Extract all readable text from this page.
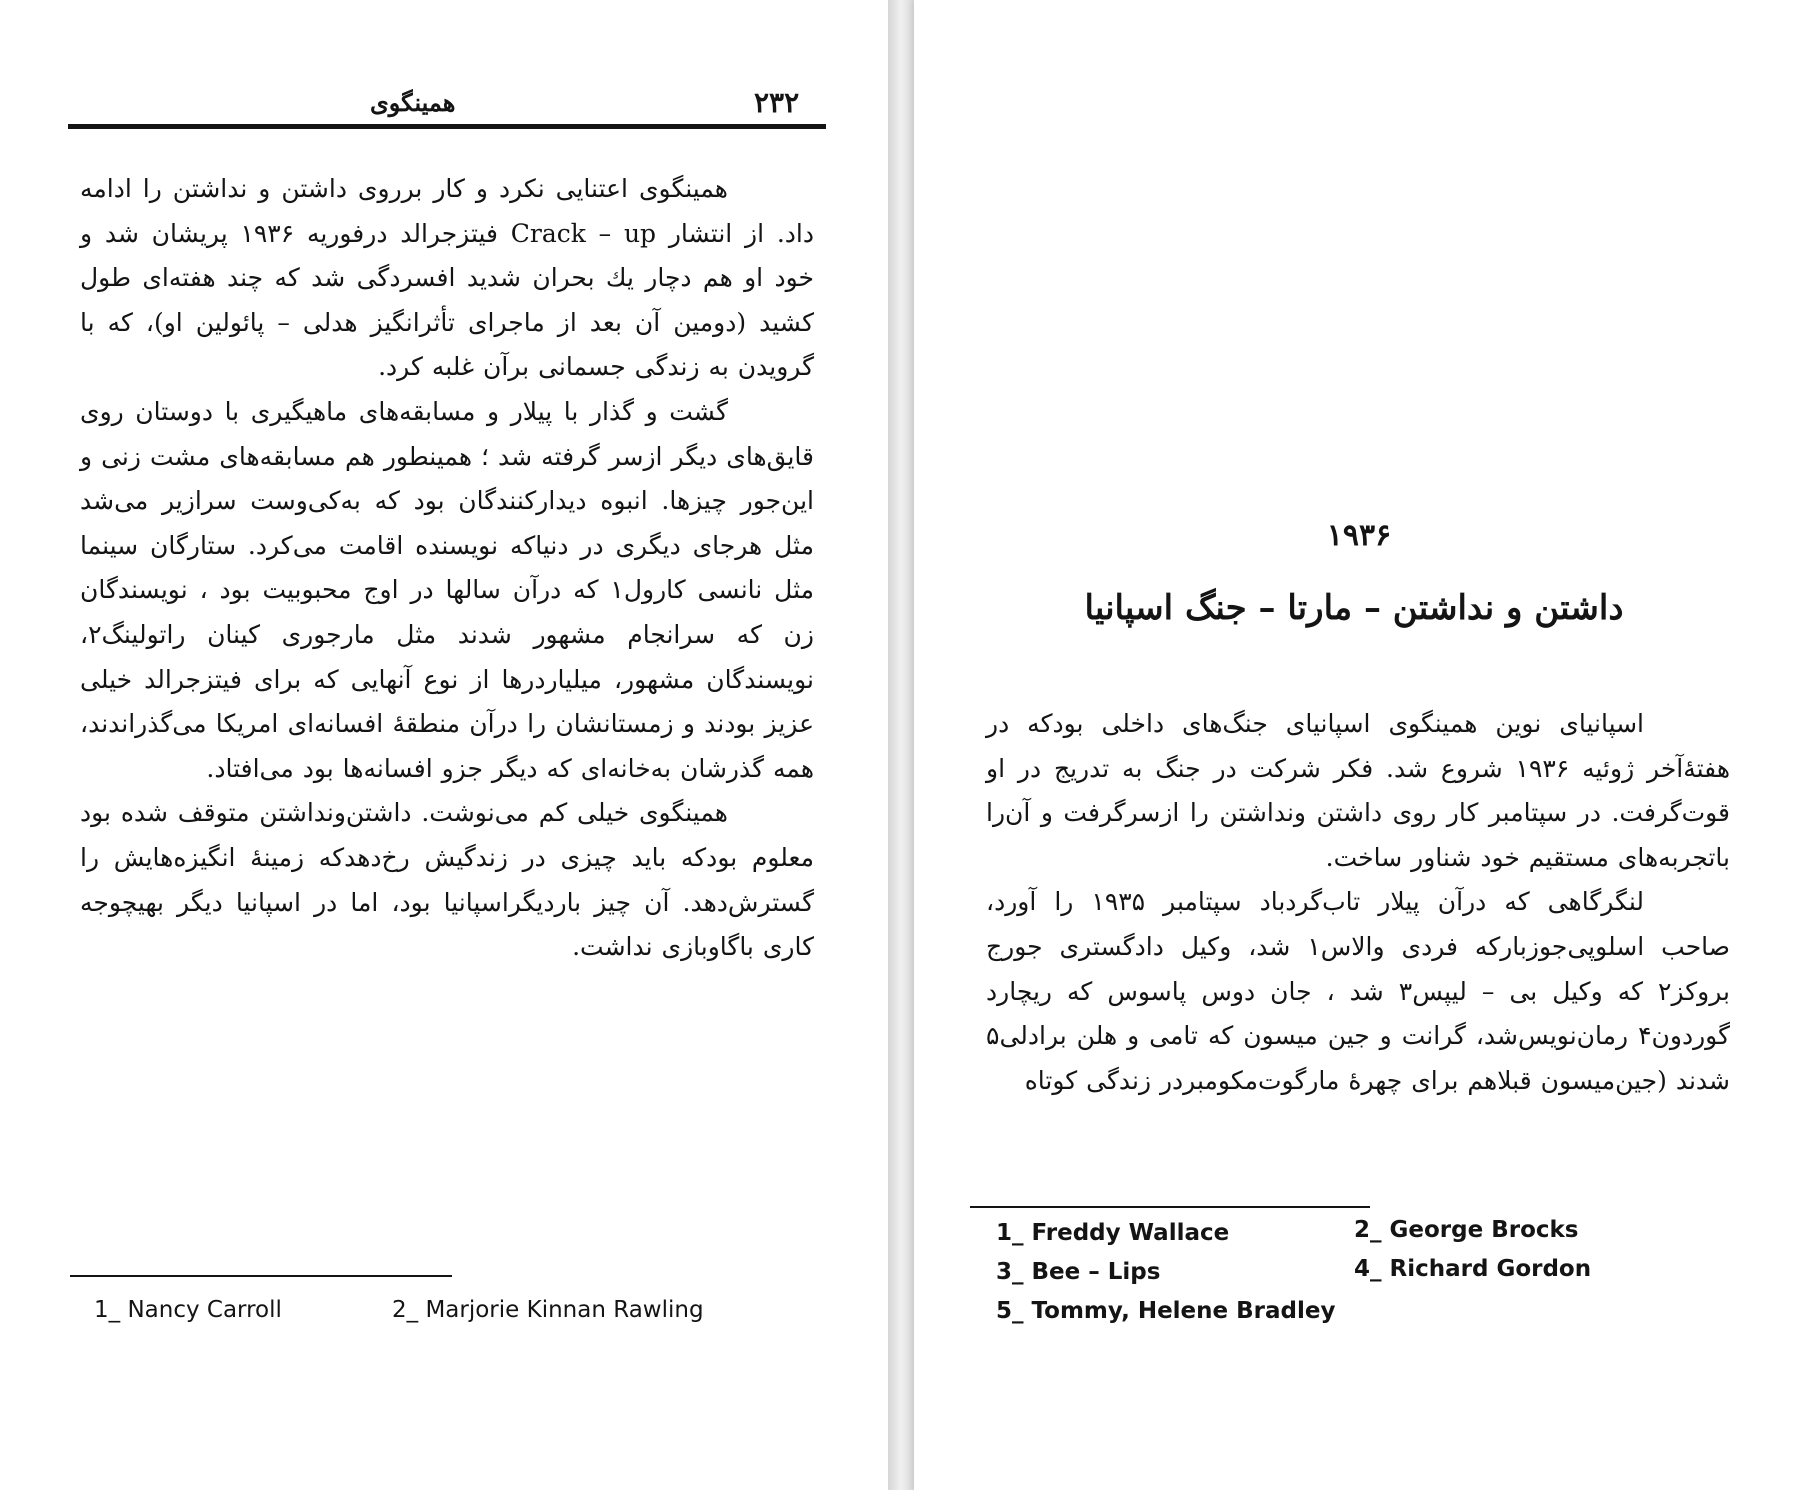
۲۳۲
همینگوی

همینگوی اعتنایی نکرد و کار برروی داشتن و نداشتن را ادامه داد. از انتشار Crack – up فیتزجرالد درفوریه ۱۹۳۶ پریشان شد و خود او هم دچار یك بحران شدید افسردگی شد که چند هفته‌ای طول کشید (دومین آن بعد از ماجرای تأثرانگیز هدلی – پائولین او)، که با گرویدن به زندگی جسمانی برآن غلبه کرد.

گشت و گذار با پیلار و مسابقه‌های ماهیگیری با دوستان روی قایق‌های دیگر ازسر گرفته شد ؛ همینطور هم مسابقه‌های مشت زنی و این‌جور چیزها. انبوه دیدارکنندگان بود که به‌کی‌وست سرازیر می‌شد مثل هرجای دیگری در دنیاکه نویسنده اقامت می‌کرد. ستارگان سینما مثل نانسی کارول۱ که درآن سالها در اوج محبوبیت بود ، نویسندگان زن که سرانجام مشهور شدند مثل مارجوری کینان راتولینگ۲، نویسندگان مشهور، میلیاردرها از نوع آنهایی که برای فیتزجرالد خیلی عزیز بودند و زمستانشان را درآن منطقهٔ افسانه‌ای امریکا می‌گذراندند، همه گذرشان به‌خانه‌ای که دیگر جزو افسانه‌ها بود می‌افتاد.

همینگوی خیلی کم می‌نوشت. داشتن‌ونداشتن متوقف شده بود معلوم بودکه باید چیزی در زندگیش رخ‌دهدکه زمینهٔ انگیزه‌هایش را گسترش‌دهد. آن چیز باردیگراسپانیا بود، اما در اسپانیا دیگر بهیچوجه کاری باگاوبازی نداشت.

1_ Nancy Carroll	2_ Marjorie Kinnan Rawling
۱۹۳۶
داشتن و نداشتن – مارتا – جنگ اسپانیا

اسپانیای نوین همینگوی اسپانیای جنگ‌های داخلی بودکه در هفتهٔ‌آخر ژوئیه ۱۹۳۶ شروع شد. فکر شرکت در جنگ به تدریج در او قوت‌گرفت. در سپتامبر کار روی داشتن ونداشتن را ازسرگرفت و آن‌را باتجربه‌های مستقیم خود شناور ساخت.

لنگرگاهی که درآن پیلار تاب‌گردباد سپتامبر ۱۹۳۵ را آورد، صاحب اسلوپی‌جوزبارکه فردی والاس۱ شد، وکیل دادگستری جورج بروکز۲ که وکیل بی – لیپس۳ شد ، جان دوس پاسوس که ریچارد گوردون۴ رمان‌نویس‌شد، گرانت و جین میسون که تامی و هلن برادلی۵ شدند (جین‌میسون قبلاهم برای چهرهٔ مارگوت‌مکومبردر زندگی کوتاه

1_ Freddy Wallace	2_ George Brocks
3_ Bee – Lips	4_ Richard Gordon
5_ Tommy, Helene Bradley
